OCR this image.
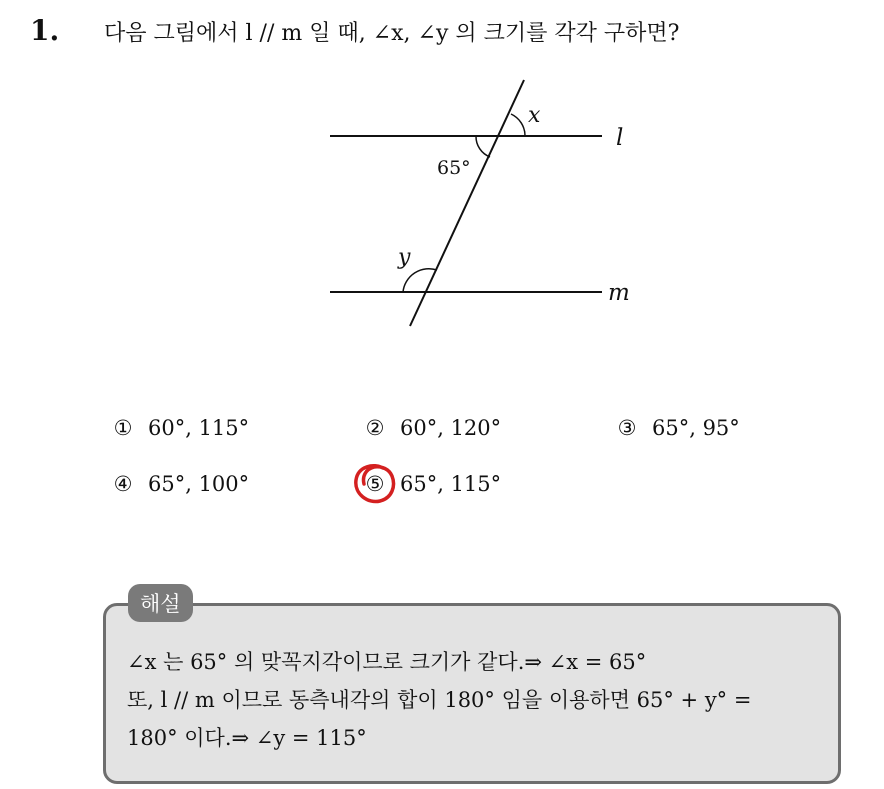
1. 다음 그림에서 l // m 일 때, ∠x, ∠y 의 크기를 각각 구하면?
x
l
65°
y
m
① 60°, 115°	② 60°, 120°	③ 65°, 95°
④ 65°, 100°	⑤ 65°, 115°
해설
∠x 는 65° 의 맞꼭지각이므로 크기가 같다.⇒ ∠x = 65°
또, l // m 이므로 동측내각의 합이 180° 임을 이용하면 65° + y° =
180° 이다.⇒ ∠y = 115°
